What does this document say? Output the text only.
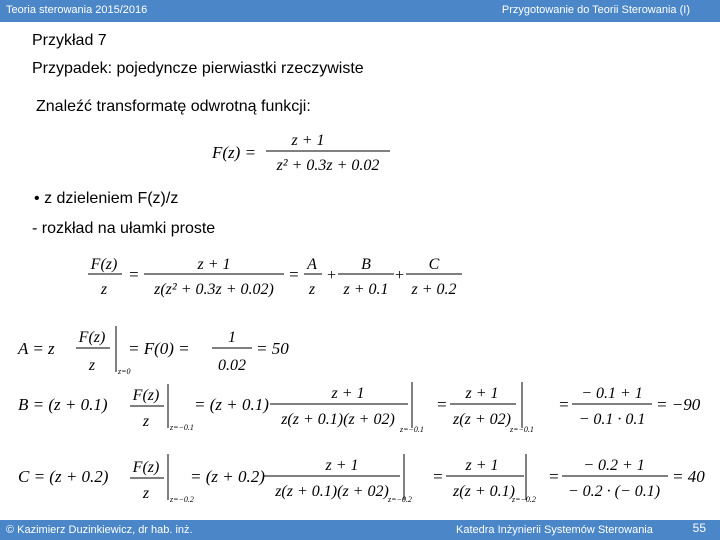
Teoria sterowania 2015/2016	Przygotowanie do Teorii Sterowania (I)
Przykład 7
Przypadek: pojedyncze pierwiastki rzeczywiste
Znaleźć transformatę odwrotną funkcji:
• z dzieleniem F(z)/z
- rozkład na ułamki proste
F(z) =
z + 1
z² + 0.3z + 0.02
F(z)
z
=
z + 1
z(z² + 0.3z + 0.02)
=
A
z
+
B
z + 0.1
+
C
z + 0.2
A = z
F(z)
z	z=0
= F(0) =
1
0.02
= 50
B = (z + 0.1) F(z)
z	z=−0.1
= (z + 0.1)
z + 1
z(z + 0.1)(z + 02)
z=−0.1
=
z + 1
z(z + 02)
z=−0.1
=
− 0.1 + 1
− 0.1 · 0.1
= −90
C = (z + 0.2) F(z)
z	z=−0.2
= (z + 0.2)
z + 1
z(z + 0.1)(z + 02) z=−0.2
=
z + 1
z(z + 0.1)
z=−0.2
=
− 0.2 + 1
− 0.2 · (− 0.1)
= 40
© Kazimierz Duzinkiewicz, dr hab. inż.	Katedra Inżynierii Systemów Sterowania	55
